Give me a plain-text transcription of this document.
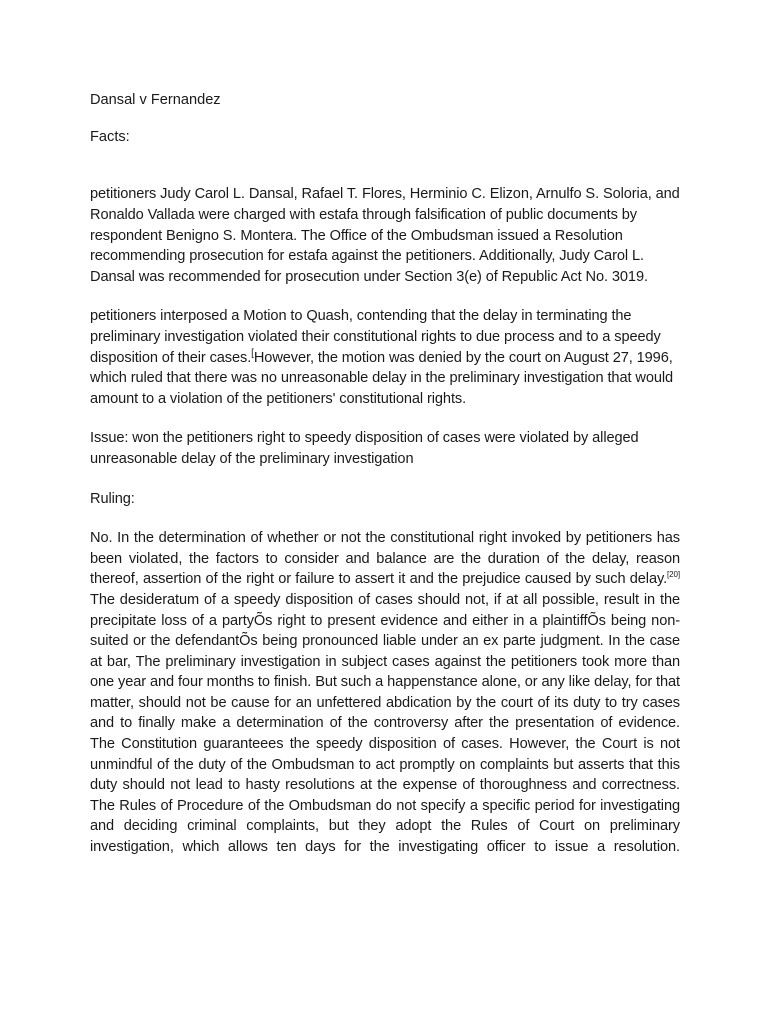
Dansal v Fernandez

Facts:

petitioners Judy Carol L. Dansal, Rafael T. Flores, Herminio C. Elizon, Arnulfo S. Soloria, and Ronaldo Vallada were charged with estafa through falsification of public documents by respondent Benigno S. Montera. The Office of the Ombudsman issued a Resolution recommending prosecution for estafa against the petitioners. Additionally, Judy Carol L. Dansal was recommended for prosecution under Section 3(e) of Republic Act No. 3019.

petitioners interposed a Motion to Quash, contending that the delay in terminating the preliminary investigation violated their constitutional rights to due process and to a speedy disposition of their cases.[However, the motion was denied by the court on August 27, 1996, which ruled that there was no unreasonable delay in the preliminary investigation that would amount to a violation of the petitioners' constitutional rights.

Issue: won the petitioners right to speedy disposition of cases were violated by alleged unreasonable delay of the preliminary investigation

Ruling:

No. In the determination of whether or not the constitutional right invoked by petitioners has been violated, the factors to consider and balance are the duration of the delay, reason thereof, assertion of the right or failure to assert it and the prejudice caused by such delay.[20] The desideratum of a speedy disposition of cases should not, if at all possible, result in the precipitate loss of a partyÕs right to present evidence and either in a plaintiffÕs being non-suited or the defendantÕs being pronounced liable under an ex parte judgment. In the case at bar, The preliminary investigation in subject cases against the petitioners took more than one year and four months to finish. But such a happenstance alone, or any like delay, for that matter, should not be cause for an unfettered abdication by the court of its duty to try cases and to finally make a determination of the controversy after the presentation of evidence. The Constitution guaranteees the speedy disposition of cases. However, the Court is not unmindful of the duty of the Ombudsman to act promptly on complaints but asserts that this duty should not lead to hasty resolutions at the expense of thoroughness and correctness. The Rules of Procedure of the Ombudsman do not specify a specific period for investigating and deciding criminal complaints, but they adopt the Rules of Court on preliminary investigation, which allows ten days for the investigating officer to issue a resolution.
